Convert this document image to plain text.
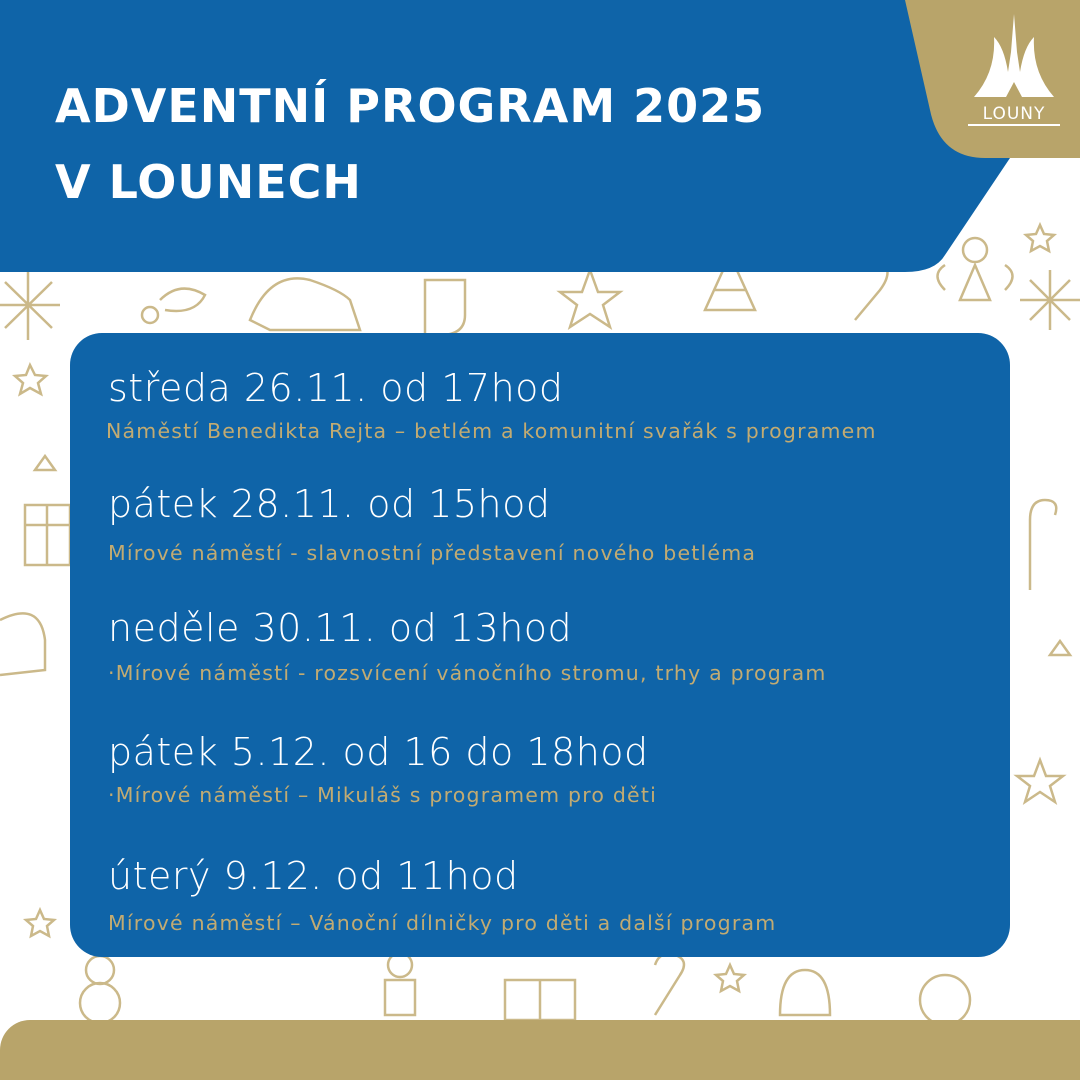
ADVENTNÍ PROGRAM 2025
V LOUNECH
LOUNY
středa 26.11. od 17hod
Náměstí Benedikta Rejta – betlém a komunitní svařák s programem
pátek 28.11. od 15hod
Mírové náměstí - slavnostní představení nového betléma
neděle 30.11. od 13hod
·Mírové náměstí - rozsvícení vánočního stromu, trhy a program
pátek 5.12. od 16 do 18hod
·Mírové náměstí – Mikuláš s programem pro děti
úterý 9.12. od 11hod
Mírové náměstí – Vánoční dílničky pro děti a další program
